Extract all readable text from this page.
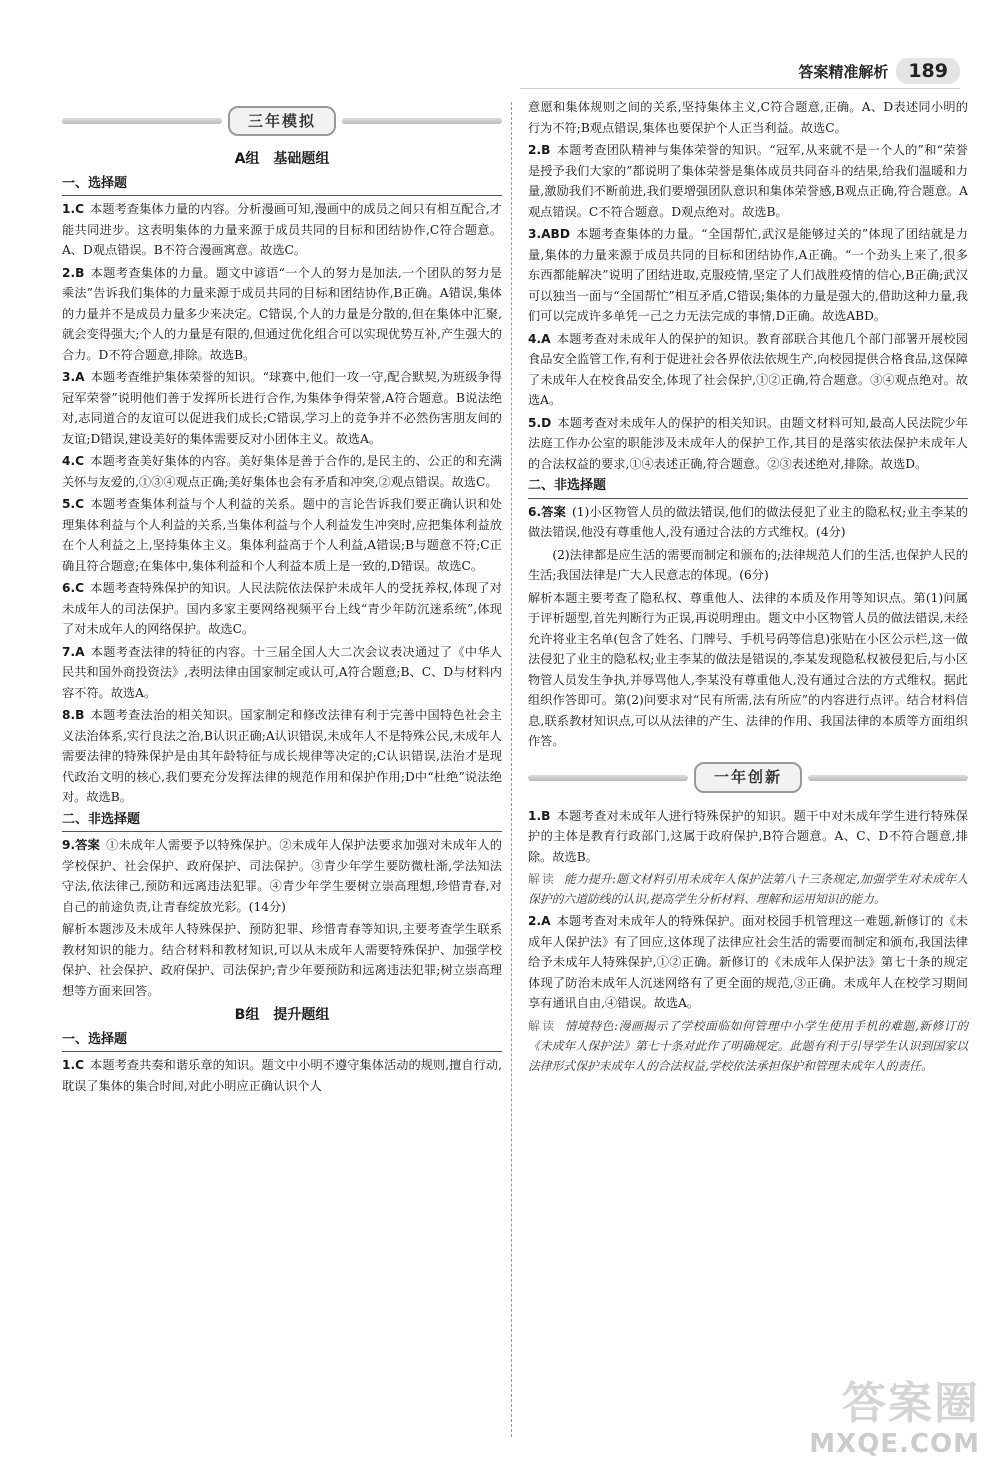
答案精准解析	189
三年模拟
A组　基础题组
一、选择题
1.C 本题考查集体力量的内容。分析漫画可知,漫画中的成员之间只有相互配合,才能共同进步。这表明集体的力量来源于成员共同的目标和团结协作,C符合题意。A、D观点错误。B不符合漫画寓意。故选C。
2.B 本题考查集体的力量。题文中谚语“一个人的努力是加法,一个团队的努力是乘法”告诉我们集体的力量来源于成员共同的目标和团结协作,B正确。A错误,集体的力量并不是成员力量多少来决定。C错误,个人的力量是分散的,但在集体中汇聚,就会变得强大;个人的力量是有限的,但通过优化组合可以实现优势互补,产生强大的合力。D不符合题意,排除。故选B。
3.A 本题考查维护集体荣誉的知识。“球赛中,他们一攻一守,配合默契,为班级争得冠军荣誉”说明他们善于发挥所长进行合作,为集体争得荣誉,A符合题意。B说法绝对,志同道合的友谊可以促进我们成长;C错误,学习上的竞争并不必然伤害朋友间的友谊;D错误,建设美好的集体需要反对小团体主义。故选A。
4.C 本题考查美好集体的内容。美好集体是善于合作的,是民主的、公正的和充满关怀与友爱的,①③④观点正确;美好集体也会有矛盾和冲突,②观点错误。故选C。
5.C 本题考查集体利益与个人利益的关系。题中的言论告诉我们要正确认识和处理集体利益与个人利益的关系,当集体利益与个人利益发生冲突时,应把集体利益放在个人利益之上,坚持集体主义。集体利益高于个人利益,A错误;B与题意不符;C正确且符合题意;在集体中,集体利益和个人利益本质上是一致的,D错误。故选C。
6.C 本题考查特殊保护的知识。人民法院依法保护未成年人的受抚养权,体现了对未成年人的司法保护。国内多家主要网络视频平台上线“青少年防沉迷系统”,体现了对未成年人的网络保护。故选C。
7.A 本题考查法律的特征的内容。十三届全国人大二次会议表决通过了《中华人民共和国外商投资法》,表明法律由国家制定或认可,A符合题意;B、C、D与材料内容不符。故选A。
8.B 本题考查法治的相关知识。国家制定和修改法律有利于完善中国特色社会主义法治体系,实行良法之治,B认识正确;A认识错误,未成年人不是特殊公民,未成年人需要法律的特殊保护是由其年龄特征与成长规律等决定的;C认识错误,法治才是现代政治文明的核心,我们要充分发挥法律的规范作用和保护作用;D中“杜绝”说法绝对。故选B。
二、非选择题
9.答案 ①未成年人需要予以特殊保护。②未成年人保护法要求加强对未成年人的学校保护、社会保护、政府保护、司法保护。③青少年学生要防微杜渐,学法知法守法,依法律己,预防和远离违法犯罪。④青少年学生要树立崇高理想,珍惜青春,对自己的前途负责,让青春绽放光彩。(14分)
解析本题涉及未成年人特殊保护、预防犯罪、珍惜青春等知识,主要考查学生联系教材知识的能力。结合材料和教材知识,可以从未成年人需要特殊保护、加强学校保护、社会保护、政府保护、司法保护;青少年要预防和远离违法犯罪;树立崇高理想等方面来回答。
B组　提升题组
一、选择题
1.C 本题考查共奏和谐乐章的知识。题文中小明不遵守集体活动的规则,擅自行动,耽误了集体的集合时间,对此小明应正确认识个人
意愿和集体规则之间的关系,坚持集体主义,C符合题意,正确。A、D表述同小明的行为不符;B观点错误,集体也要保护个人正当利益。故选C。
2.B 本题考查团队精神与集体荣誉的知识。“冠军,从来就不是一个人的”和“荣誉是授予我们大家的”都说明了集体荣誉是集体成员共同奋斗的结果,给我们温暖和力量,激励我们不断前进,我们要增强团队意识和集体荣誉感,B观点正确,符合题意。A观点错误。C不符合题意。D观点绝对。故选B。
3.ABD 本题考查集体的力量。“全国帮忙,武汉是能够过关的”体现了团结就是力量,集体的力量来源于成员共同的目标和团结协作,A正确。“一个劲头上来了,很多东西都能解决”说明了团结进取,克服疫情,坚定了人们战胜疫情的信心,B正确;武汉可以独当一面与“全国帮忙”相互矛盾,C错误;集体的力量是强大的,借助这种力量,我们可以完成许多单凭一己之力无法完成的事情,D正确。故选ABD。
4.A 本题考查对未成年人的保护的知识。教育部联合其他几个部门部署开展校园食品安全监管工作,有利于促进社会各界依法依规生产,向校园提供合格食品,这保障了未成年人在校食品安全,体现了社会保护,①②正确,符合题意。③④观点绝对。故选A。
5.D 本题考查对未成年人的保护的相关知识。由题文材料可知,最高人民法院少年法庭工作办公室的职能涉及未成年人的保护工作,其目的是落实依法保护未成年人的合法权益的要求,①④表述正确,符合题意。②③表述绝对,排除。故选D。
二、非选择题
6.答案 (1)小区物管人员的做法错误,他们的做法侵犯了业主的隐私权;业主李某的做法错误,他没有尊重他人,没有通过合法的方式维权。(4分)
(2)法律都是应生活的需要而制定和颁布的;法律规范人们的生活,也保护人民的生活;我国法律是广大人民意志的体现。(6分)
解析本题主要考查了隐私权、尊重他人、法律的本质及作用等知识点。第(1)问属于评析题型,首先判断行为正误,再说明理由。题文中小区物管人员的做法错误,未经允许将业主名单(包含了姓名、门牌号、手机号码等信息)张贴在小区公示栏,这一做法侵犯了业主的隐私权;业主李某的做法是错误的,李某发现隐私权被侵犯后,与小区物管人员发生争执,并辱骂他人,李某没有尊重他人,没有通过合法的方式维权。据此组织作答即可。第(2)问要求对“民有所需,法有所应”的内容进行点评。结合材料信息,联系教材知识点,可以从法律的产生、法律的作用、我国法律的本质等方面组织作答。
一年创新
1.B 本题考查对未成年人进行特殊保护的知识。题干中对未成年学生进行特殊保护的主体是教育行政部门,这属于政府保护,B符合题意。A、C、D不符合题意,排除。故选B。
解读 能力提升:题文材料引用未成年人保护法第八十三条规定,加强学生对未成年人保护的六道防线的认识,提高学生分析材料、理解和运用知识的能力。
2.A 本题考查对未成年人的特殊保护。面对校园手机管理这一难题,新修订的《未成年人保护法》有了回应,这体现了法律应社会生活的需要而制定和颁布,我国法律给予未成年人特殊保护,①②正确。新修订的《未成年人保护法》第七十条的规定体现了防治未成年人沉迷网络有了更全面的规范,③正确。未成年人在校学习期间享有通讯自由,④错误。故选A。
解读 情境特色:漫画揭示了学校面临如何管理中小学生使用手机的难题,新修订的《未成年人保护法》第七十条对此作了明确规定。此题有利于引导学生认识到国家以法律形式保护未成年人的合法权益,学校依法承担保护和管理未成年人的责任。
答案圈
MXQE.COM
